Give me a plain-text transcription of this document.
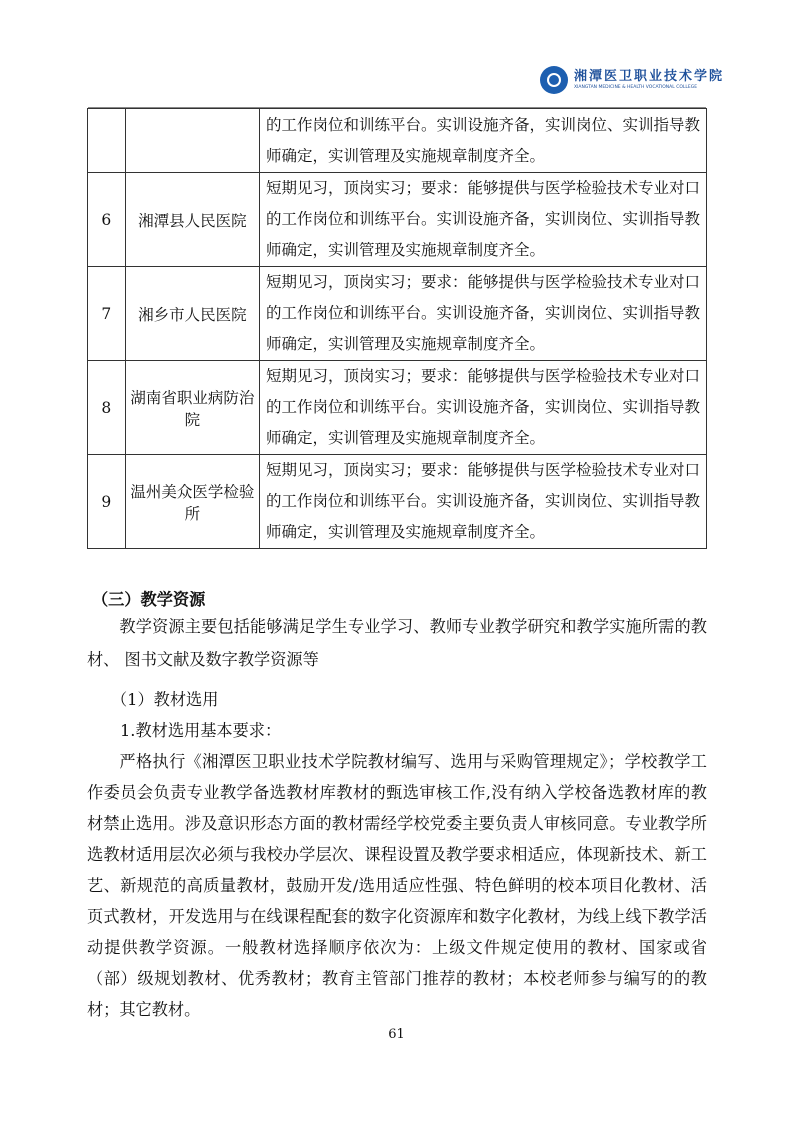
湘潭医卫职业技术学院
XIANGTAN MEDICINE & HEALTH VOCATIONAL COLLEGE

		的工作岗位和训练平台。实训设施齐备，实训岗位、实训指导教
师确定，实训管理及实施规章制度齐全。

6	湘潭县人民医院	短期见习，顶岗实习；要求：能够提供与医学检验技术专业对口
的工作岗位和训练平台。实训设施齐备，实训岗位、实训指导教
师确定，实训管理及实施规章制度齐全。

7	湘乡市人民医院	短期见习，顶岗实习；要求：能够提供与医学检验技术专业对口
的工作岗位和训练平台。实训设施齐备，实训岗位、实训指导教
师确定，实训管理及实施规章制度齐全。

8	湖南省职业病防治院	短期见习，顶岗实习；要求：能够提供与医学检验技术专业对口
的工作岗位和训练平台。实训设施齐备，实训岗位、实训指导教
师确定，实训管理及实施规章制度齐全。

9	温州美众医学检验所	短期见习，顶岗实习；要求：能够提供与医学检验技术专业对口
的工作岗位和训练平台。实训设施齐备，实训岗位、实训指导教
师确定，实训管理及实施规章制度齐全。
（三）教学资源
教学资源主要包括能够满足学生专业学习、教师专业教学研究和教学实施所需的教材、 图书文献及数字教学资源等
（1）教材选用
1.教材选用基本要求：
严格执行《湘潭医卫职业技术学院教材编写、选用与采购管理规定》；学校教学工作委员会负责专业教学备选教材库教材的甄选审核工作,没有纳入学校备选教材库的教材禁止选用。涉及意识形态方面的教材需经学校党委主要负责人审核同意。专业教学所选教材适用层次必须与我校办学层次、课程设置及教学要求相适应，体现新技术、新工艺、新规范的高质量教材，鼓励开发/选用适应性强、特色鲜明的校本项目化教材、活页式教材，开发选用与在线课程配套的数字化资源库和数字化教材，为线上线下教学活动提供教学资源。一般教材选择顺序依次为：上级文件规定使用的教材、国家或省（部）级规划教材、优秀教材；教育主管部门推荐的教材；本校老师参与编写的的教材；其它教材。
61
